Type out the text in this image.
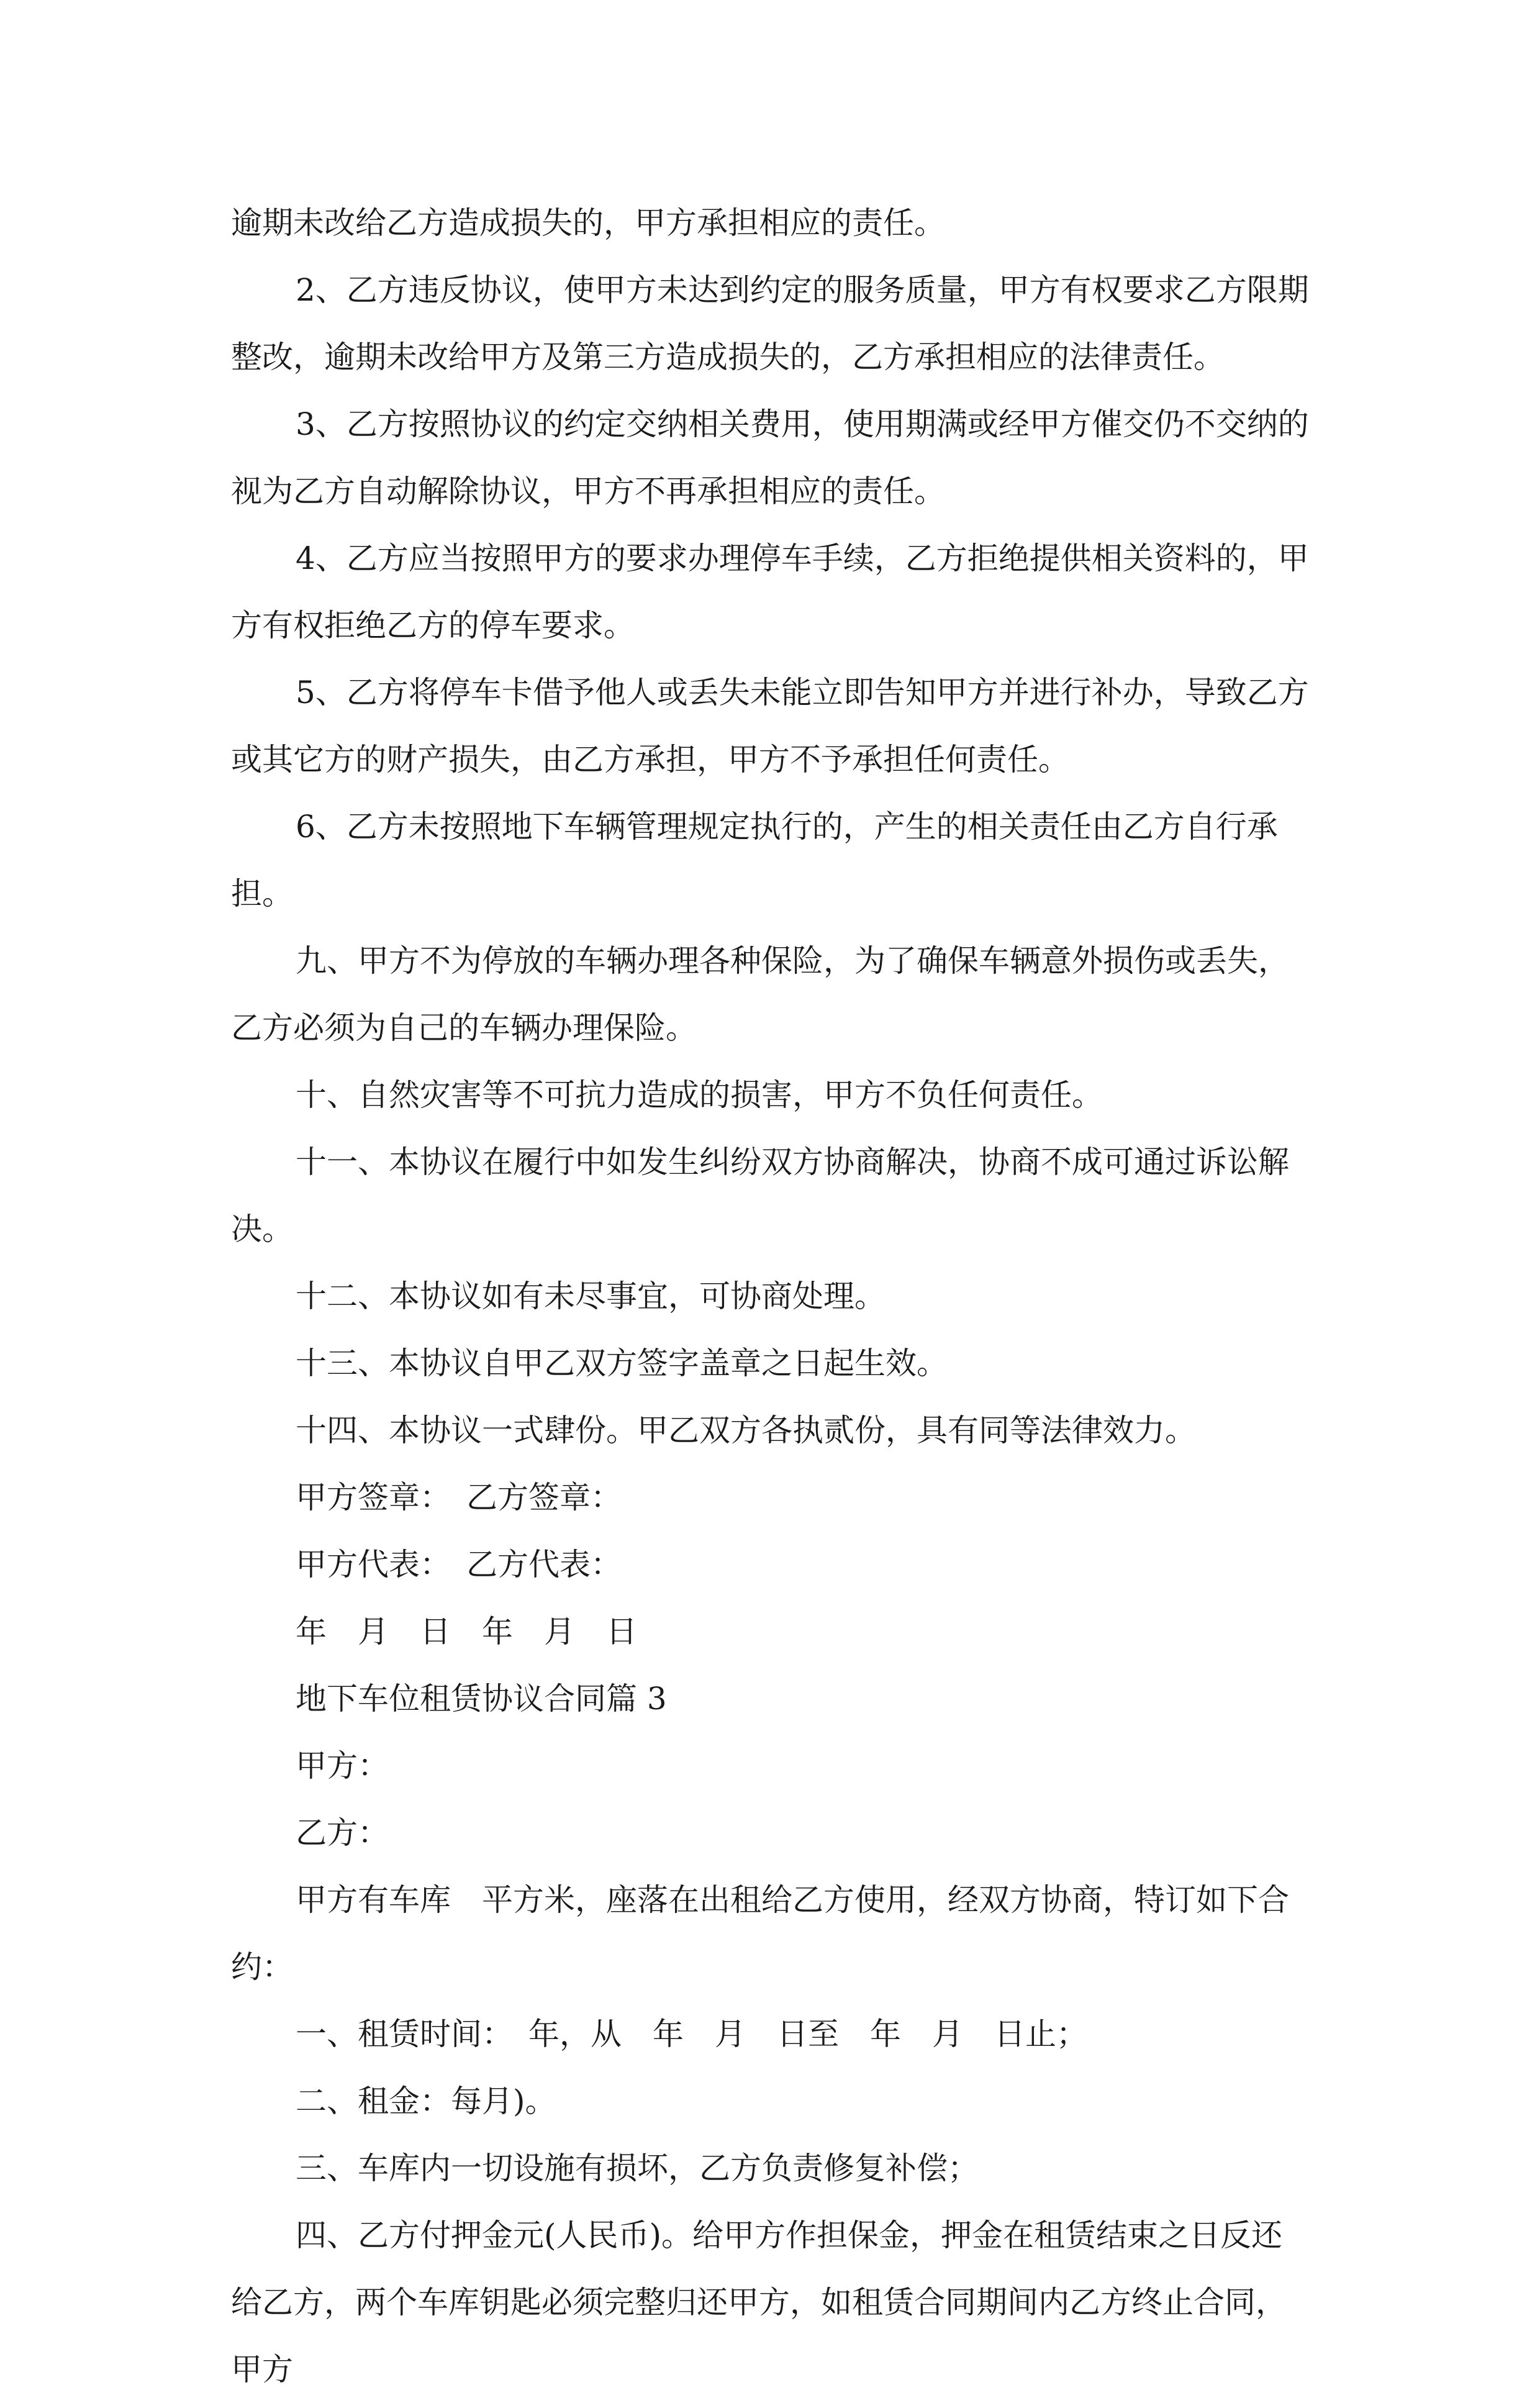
逾期未改给乙方造成损失的，甲方承担相应的责任。

2、乙方违反协议，使甲方未达到约定的服务质量，甲方有权要求乙方限期整改，逾期未改给甲方及第三方造成损失的，乙方承担相应的法律责任。

3、乙方按照协议的约定交纳相关费用，使用期满或经甲方催交仍不交纳的视为乙方自动解除协议，甲方不再承担相应的责任。

4、乙方应当按照甲方的要求办理停车手续，乙方拒绝提供相关资料的，甲方有权拒绝乙方的停车要求。

5、乙方将停车卡借予他人或丢失未能立即告知甲方并进行补办，导致乙方或其它方的财产损失，由乙方承担，甲方不予承担任何责任。

6、乙方未按照地下车辆管理规定执行的，产生的相关责任由乙方自行承担。

九、甲方不为停放的车辆办理各种保险，为了确保车辆意外损伤或丢失，乙方必须为自己的车辆办理保险。

十、自然灾害等不可抗力造成的损害，甲方不负任何责任。

十一、本协议在履行中如发生纠纷双方协商解决，协商不成可通过诉讼解决。

十二、本协议如有未尽事宜，可协商处理。

十三、本协议自甲乙双方签字盖章之日起生效。

十四、本协议一式肆份。甲乙双方各执贰份，具有同等法律效力。

甲方签章：　乙方签章：

甲方代表：　乙方代表：

年　月　日　年　月　日

地下车位租赁协议合同篇 3

甲方：

乙方：

甲方有车库　平方米，座落在出租给乙方使用，经双方协商，特订如下合约：

一、租赁时间：　年，从　年　月　日至　年　月　日止；

二、租金：每月)。

三、车库内一切设施有损坏，乙方负责修复补偿；

四、乙方付押金元(人民币)。给甲方作担保金，押金在租赁结束之日反还给乙方，两个车库钥匙必须完整归还甲方，如租赁合同期间内乙方终止合同，甲方
